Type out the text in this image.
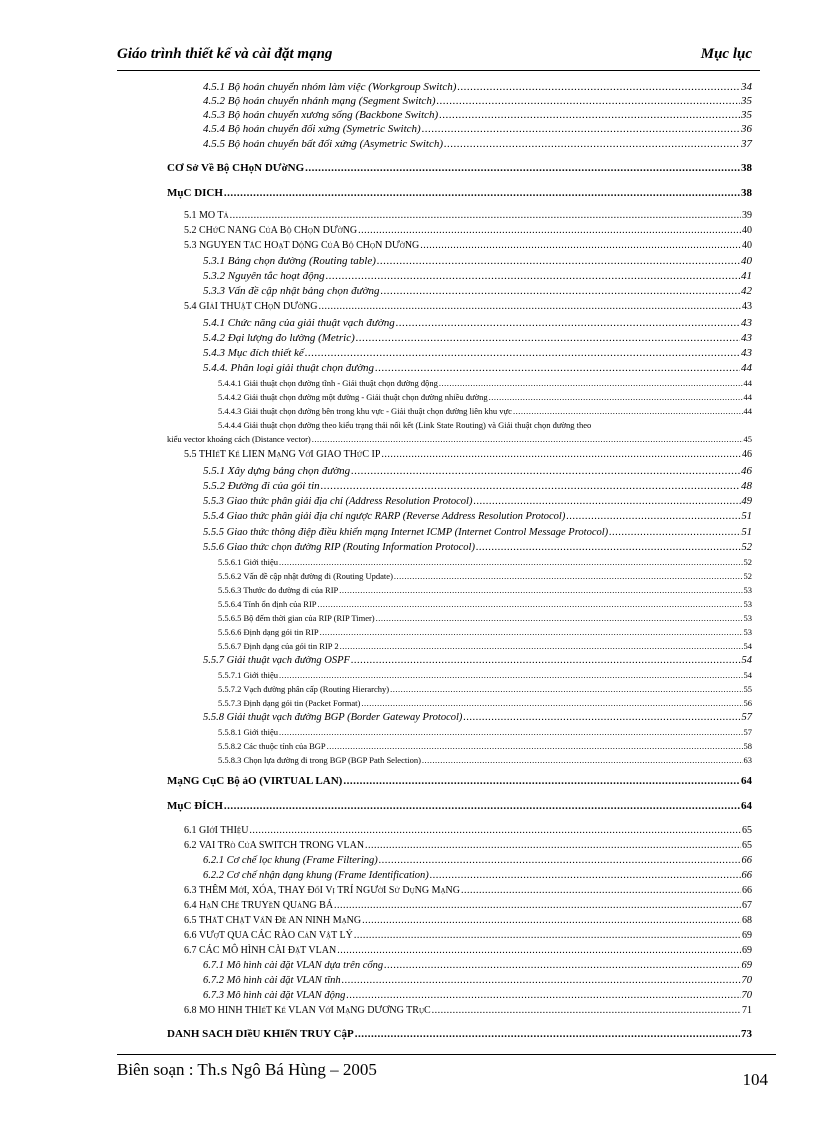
Giáo trình thiết kế và cài đặt mạng	Mục lục
4.5.1 Bộ hoán chuyển nhóm làm việc (Workgroup Switch) .....	34
4.5.2 Bộ hoán chuyển nhánh mạng (Segment Switch) .....	35
4.5.3 Bộ hoán chuyển xương sống (Backbone Switch) .....	35
4.5.4 Bộ hoán chuyển đối xứng (Symetric Switch) .....	36
4.5.5 Bộ hoán chuyển bất đối xứng (Asymetric Switch) .....	37
CƠ Sở Về Bộ CHọN DƯờNG .....	38
MụC DICH .....	38
5.1 MO Tả .....	39
5.2 CHứC NANG CủA Bộ CHọN DƯờNG .....	40
5.3 NGUYEN TắC HOạT DộNG CủA Bộ CHọN DƯờNG .....	40
5.3.1 Bảng chọn đường (Routing table) .....	40
5.3.2 Nguyên tắc hoạt động .....	41
5.3.3 Vấn đề cập nhật bảng chọn đường .....	42
5.4 GIảI THUậT CHọN DƯờNG .....	43
5.4.1 Chức năng của giải thuật vạch đường .....	43
5.4.2 Đại lượng đo lường (Metric) .....	43
5.4.3 Mục đích thiết kế .....	43
5.4.4. Phân loại giải thuật chọn đường .....	44
5.4.4.1 Giải thuật chọn đường tĩnh - Giải thuật chọn đường động .....	44
5.4.4.2 Giải thuật chọn đường một đường - Giải thuật chọn đường nhiều đường .....	44
5.4.4.3 Giải thuật chọn đường bên trong khu vực - Giải thuật chọn đường liên khu vực .....	44
5.4.4.4 Giải thuật chọn đường theo kiểu trạng thái nối kết (Link State Routing) và Giải thuật chọn đường theo
kiểu vector khoảng cách (Distance vector) .....	45
5.5 THIếT Kế LIEN MạNG VớI GIAO THứC IP .....	46
5.5.1 Xây dựng bảng chọn đường .....	46
5.5.2 Đường đi của gói tin .....	48
5.5.3 Giao thức phân giải địa chỉ (Address Resolution Protocol) .....	49
5.5.4 Giao thức phân giải địa chỉ ngược RARP (Reverse Address Resolution Protocol) .....	51
5.5.5 Giao thức thông điệp điều khiển mạng Internet ICMP (Internet Control Message Protocol) .....	51
5.5.6 Giao thức chọn đường RIP (Routing Information Protocol) .....	52
5.5.6.1 Giới thiệu .....	52
5.5.6.2 Vấn đề cập nhật đường đi (Routing Update) .....	52
5.5.6.3 Thước đo đường đi của RIP .....	53
5.5.6.4 Tính ổn định của RIP .....	53
5.5.6.5 Bộ đếm thời gian của RIP (RIP Timer) .....	53
5.5.6.6 Định dạng gói tin RIP .....	53
5.5.6.7 Định dạng của gói tin RIP 2 .....	54
5.5.7 Giải thuật vạch đường OSPF .....	54
5.5.7.1 Giới thiệu .....	54
5.5.7.2 Vạch đường phân cấp (Routing Hierarchy) .....	55
5.5.7.3 Định dạng gói tin (Packet Format) .....	56
5.5.8 Giải thuật vạch đường BGP (Border Gateway Protocol) .....	57
5.5.8.1 Giới thiệu .....	57
5.5.8.2 Các thuộc tính của BGP .....	58
5.5.8.3 Chọn lựa đường đi trong BGP (BGP Path Selection) .....	63
MạNG CụC Bộ ảO (VIRTUAL LAN) .....	64
MụC ĐÍCH .....	64
6.1 GIớI THIệU .....	65
6.2 VAI TRò CủA SWITCH TRONG VLAN .....	65
6.2.1 Cơ chế lọc khung (Frame Filtering) .....	66
6.2.2 Cơ chế nhận dạng khung (Frame Identification) .....	66
6.3 THÊM MớI, XÓA, THAY ĐổI Vị TRÍ NGƯờI Sử DụNG MạNG .....	66
6.4 HạN CHế TRUYềN QUảNG BÁ .....	67
6.5 THắT CHặT VấN Đề AN NINH MạNG .....	68
6.6 VƯợT QUA CÁC RÀO CảN VậT LÝ .....	69
6.7 CÁC MÔ HÌNH CÀI ĐặT VLAN .....	69
6.7.1 Mô hình cài đặt VLAN dựa trên cổng .....	69
6.7.2 Mô hình cài đặt VLAN tĩnh .....	70
6.7.3 Mô hình cài đặt VLAN động .....	70
6.8 MO HINH THIếT Kế VLAN VớI MạNG DƯƠNG TRụC .....	71
DANH SACH DIềU KHIểN TRUY CậP .....	73
Biên soạn : Th.s Ngô Bá Hùng – 2005
104
